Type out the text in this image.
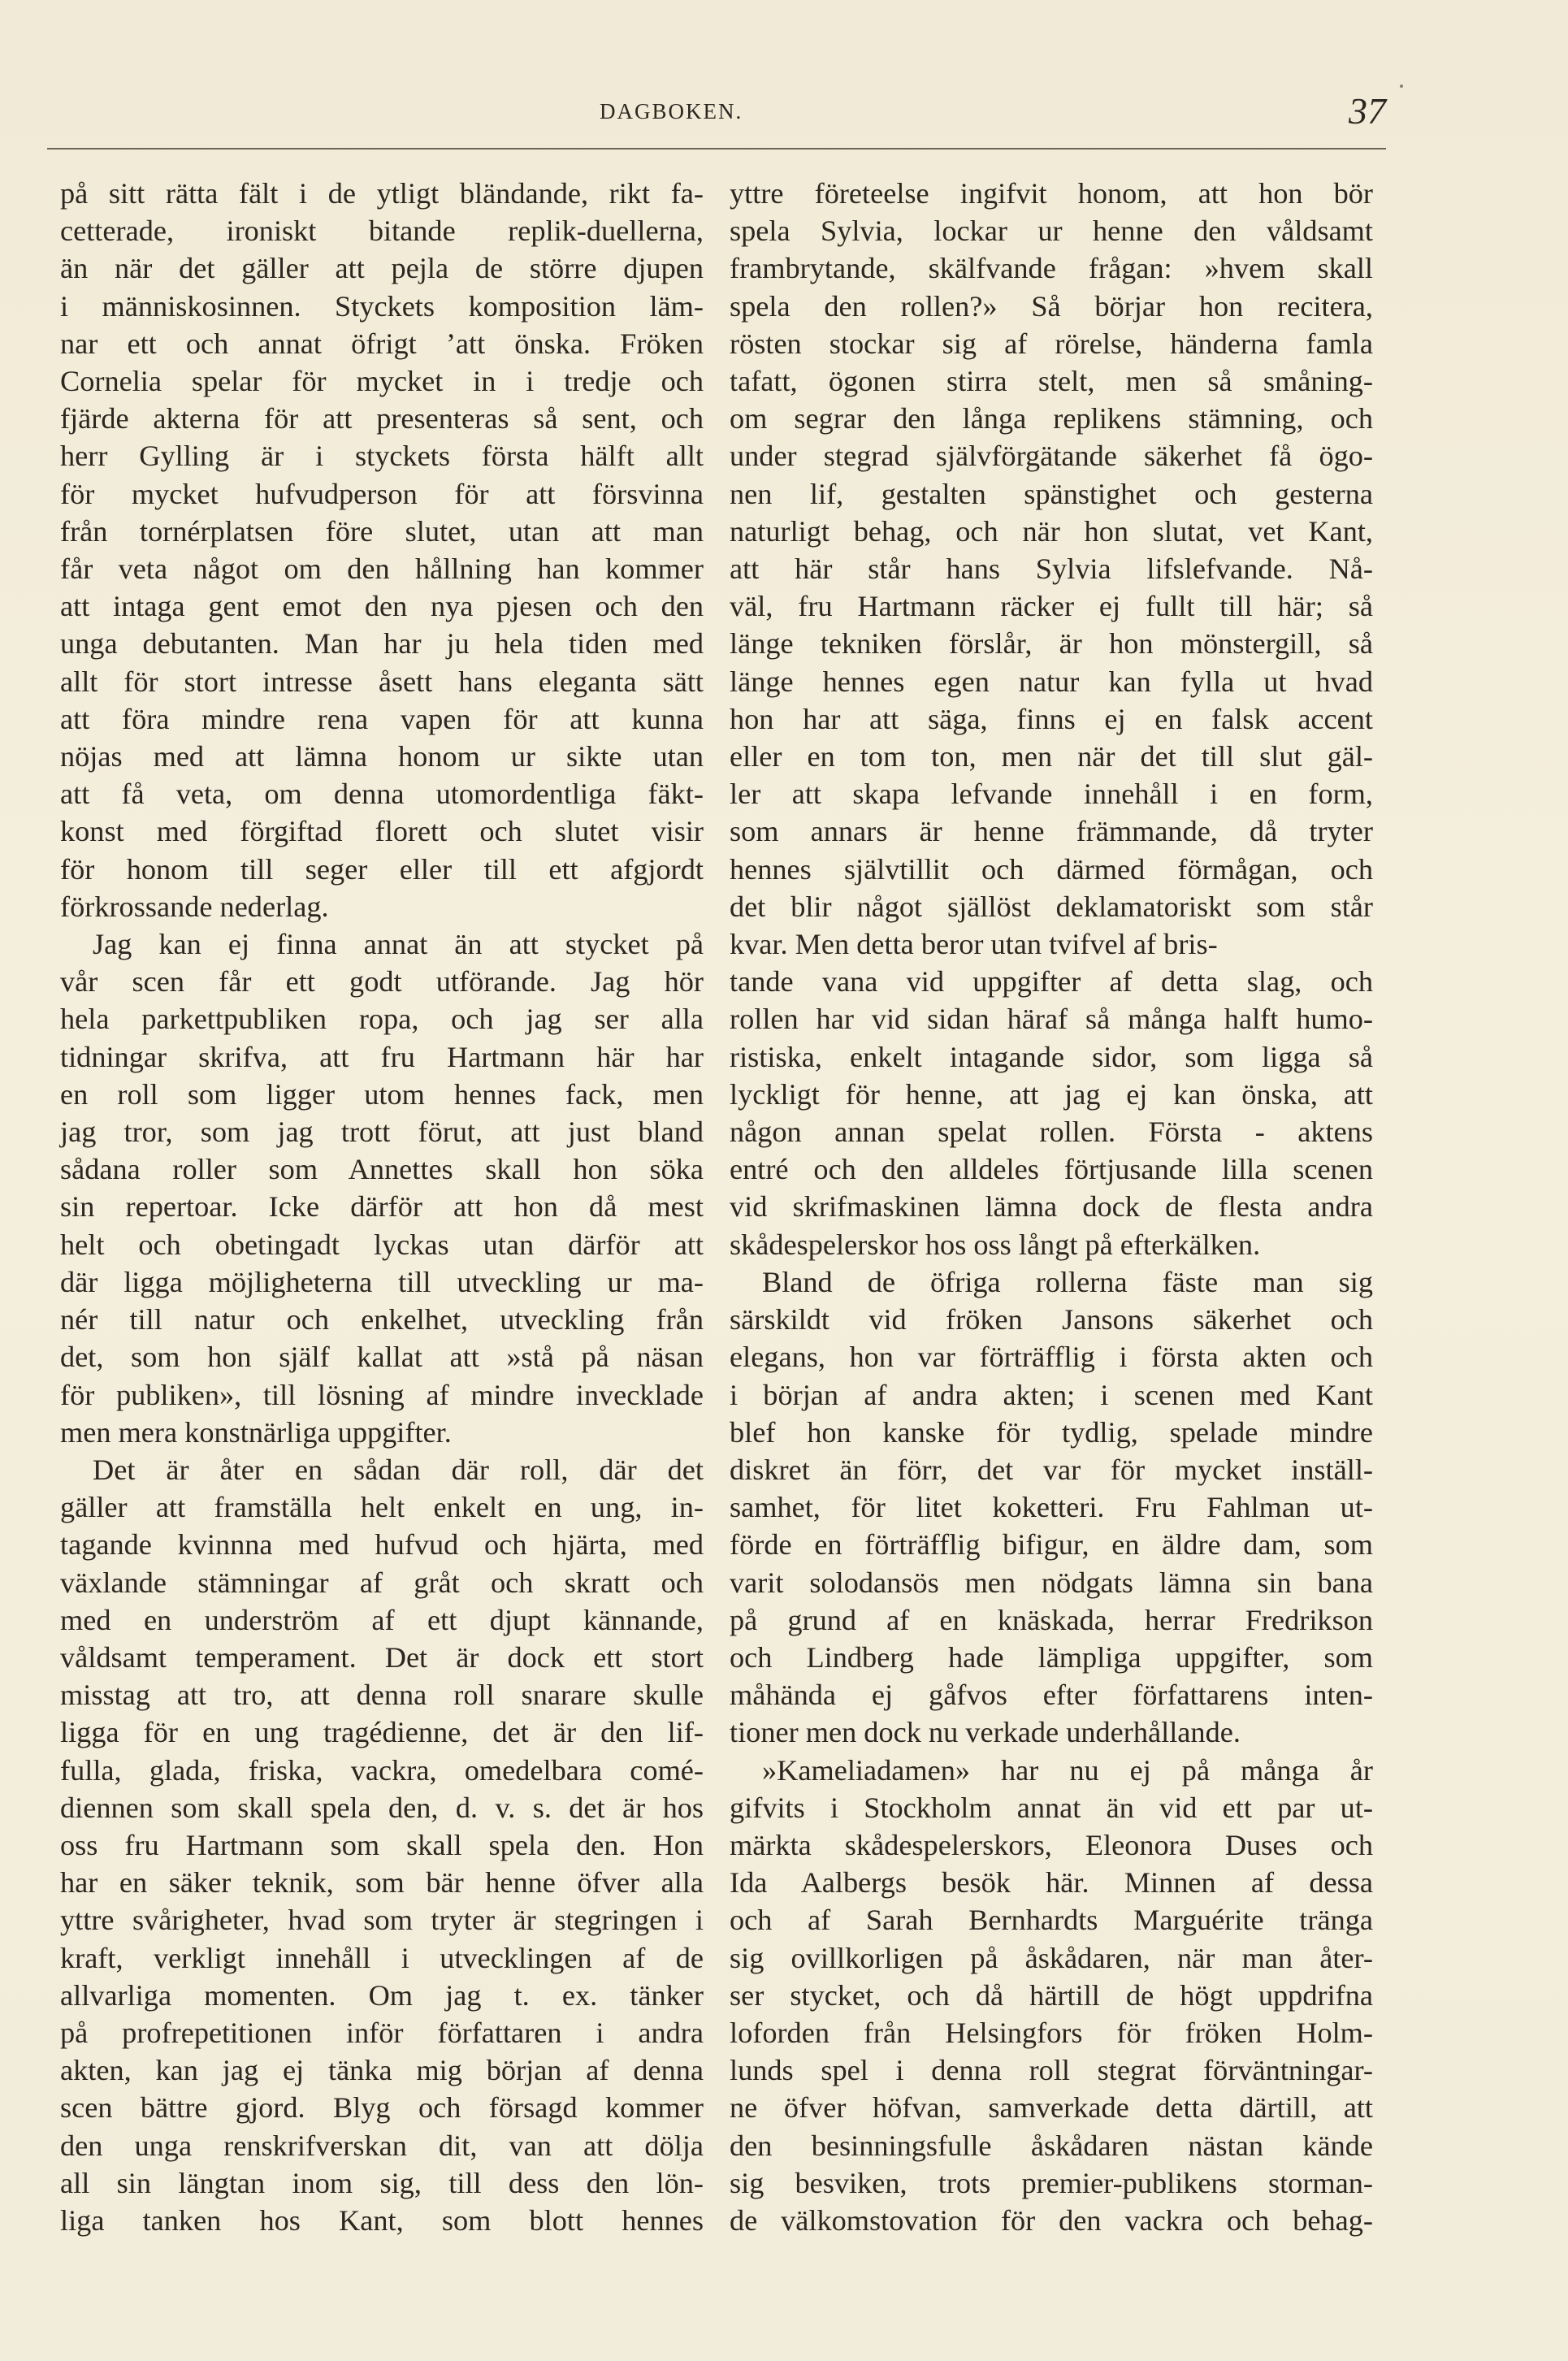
DAGBOKEN.	37
på sitt rätta fält i de ytligt bländande, rikt fa-
cetterade, ironiskt bitande replik-duellerna,
än när det gäller att pejla de större djupen
i människosinnen. Styckets komposition läm-
nar ett och annat öfrigt ’att önska. Fröken
Cornelia spelar för mycket in i tredje och
fjärde akterna för att presenteras så sent, och
herr Gylling är i styckets första hälft allt
för mycket hufvudperson för att försvinna
från tornérplatsen före slutet, utan att man
får veta något om den hållning han kommer
att intaga gent emot den nya pjesen och den
unga debutanten. Man har ju hela tiden med
allt för stort intresse åsett hans eleganta sätt
att föra mindre rena vapen för att kunna
nöjas med att lämna honom ur sikte utan
att få veta, om denna utomordentliga fäkt-
konst med förgiftad florett och slutet visir
för honom till seger eller till ett afgjordt
förkrossande nederlag.
Jag kan ej finna annat än att stycket på
vår scen får ett godt utförande. Jag hör
hela parkettpubliken ropa, och jag ser alla
tidningar skrifva, att fru Hartmann här har
en roll som ligger utom hennes fack, men
jag tror, som jag trott förut, att just bland
sådana roller som Annettes skall hon söka
sin repertoar. Icke därför att hon då mest
helt och obetingadt lyckas utan därför att
där ligga möjligheterna till utveckling ur ma-
nér till natur och enkelhet, utveckling från
det, som hon själf kallat att »stå på näsan
för publiken», till lösning af mindre invecklade
men mera konstnärliga uppgifter.
Det är åter en sådan där roll, där det
gäller att framställa helt enkelt en ung, in-
tagande kvinnna med hufvud och hjärta, med
växlande stämningar af gråt och skratt och
med en underström af ett djupt kännande,
våldsamt temperament. Det är dock ett stort
misstag att tro, att denna roll snarare skulle
ligga för en ung tragédienne, det är den lif-
fulla, glada, friska, vackra, omedelbara comé-
diennen som skall spela den, d. v. s. det är hos
oss fru Hartmann som skall spela den. Hon
har en säker teknik, som bär henne öfver alla
yttre svårigheter, hvad som tryter är stegringen i
kraft, verkligt innehåll i utvecklingen af de
allvarliga momenten. Om jag t. ex. tänker
på profrepetitionen inför författaren i andra
akten, kan jag ej tänka mig början af denna
scen bättre gjord. Blyg och försagd kommer
den unga renskrifverskan dit, van att dölja
all sin längtan inom sig, till dess den lön-
liga tanken hos Kant, som blott hennes
yttre företeelse ingifvit honom, att hon bör
spela Sylvia, lockar ur henne den våldsamt
frambrytande, skälfvande frågan: »hvem skall
spela den rollen?» Så börjar hon recitera,
rösten stockar sig af rörelse, händerna famla
tafatt, ögonen stirra stelt, men så småning-
om segrar den långa replikens stämning, och
under stegrad självförgätande säkerhet få ögo-
nen lif, gestalten spänstighet och gesterna
naturligt behag, och när hon slutat, vet Kant,
att här står hans Sylvia lifslefvande. Nå-
väl, fru Hartmann räcker ej fullt till här; så
länge tekniken förslår, är hon mönstergill, så
länge hennes egen natur kan fylla ut hvad
hon har att säga, finns ej en falsk accent
eller en tom ton, men när det till slut gäl-
ler att skapa lefvande innehåll i en form,
som annars är henne främmande, då tryter
hennes självtillit och därmed förmågan, och
det blir något själlöst deklamatoriskt som står
kvar. Men detta beror utan tvifvel af bris-
tande vana vid uppgifter af detta slag, och
rollen har vid sidan häraf så många halft humo-
ristiska, enkelt intagande sidor, som ligga så
lyckligt för henne, att jag ej kan önska, att
någon annan spelat rollen. Första - aktens
entré och den alldeles förtjusande lilla scenen
vid skrifmaskinen lämna dock de flesta andra
skådespelerskor hos oss långt på efterkälken.
Bland de öfriga rollerna fäste man sig
särskildt vid fröken Jansons säkerhet och
elegans, hon var förträfflig i första akten och
i början af andra akten; i scenen med Kant
blef hon kanske för tydlig, spelade mindre
diskret än förr, det var för mycket inställ-
samhet, för litet koketteri. Fru Fahlman ut-
förde en förträfflig bifigur, en äldre dam, som
varit solodansös men nödgats lämna sin bana
på grund af en knäskada, herrar Fredrikson
och Lindberg hade lämpliga uppgifter, som
måhända ej gåfvos efter författarens inten-
tioner men dock nu verkade underhållande.
»Kameliadamen» har nu ej på många år
gifvits i Stockholm annat än vid ett par ut-
märkta skådespelerskors, Eleonora Duses och
Ida Aalbergs besök här. Minnen af dessa
och af Sarah Bernhardts Marguérite tränga
sig ovillkorligen på åskådaren, när man åter-
ser stycket, och då härtill de högt uppdrifna
loforden från Helsingfors för fröken Holm-
lunds spel i denna roll stegrat förväntningar-
ne öfver höfvan, samverkade detta därtill, att
den besinningsfulle åskådaren nästan kände
sig besviken, trots premier-publikens storman-
de välkomstovation för den vackra och behag-
